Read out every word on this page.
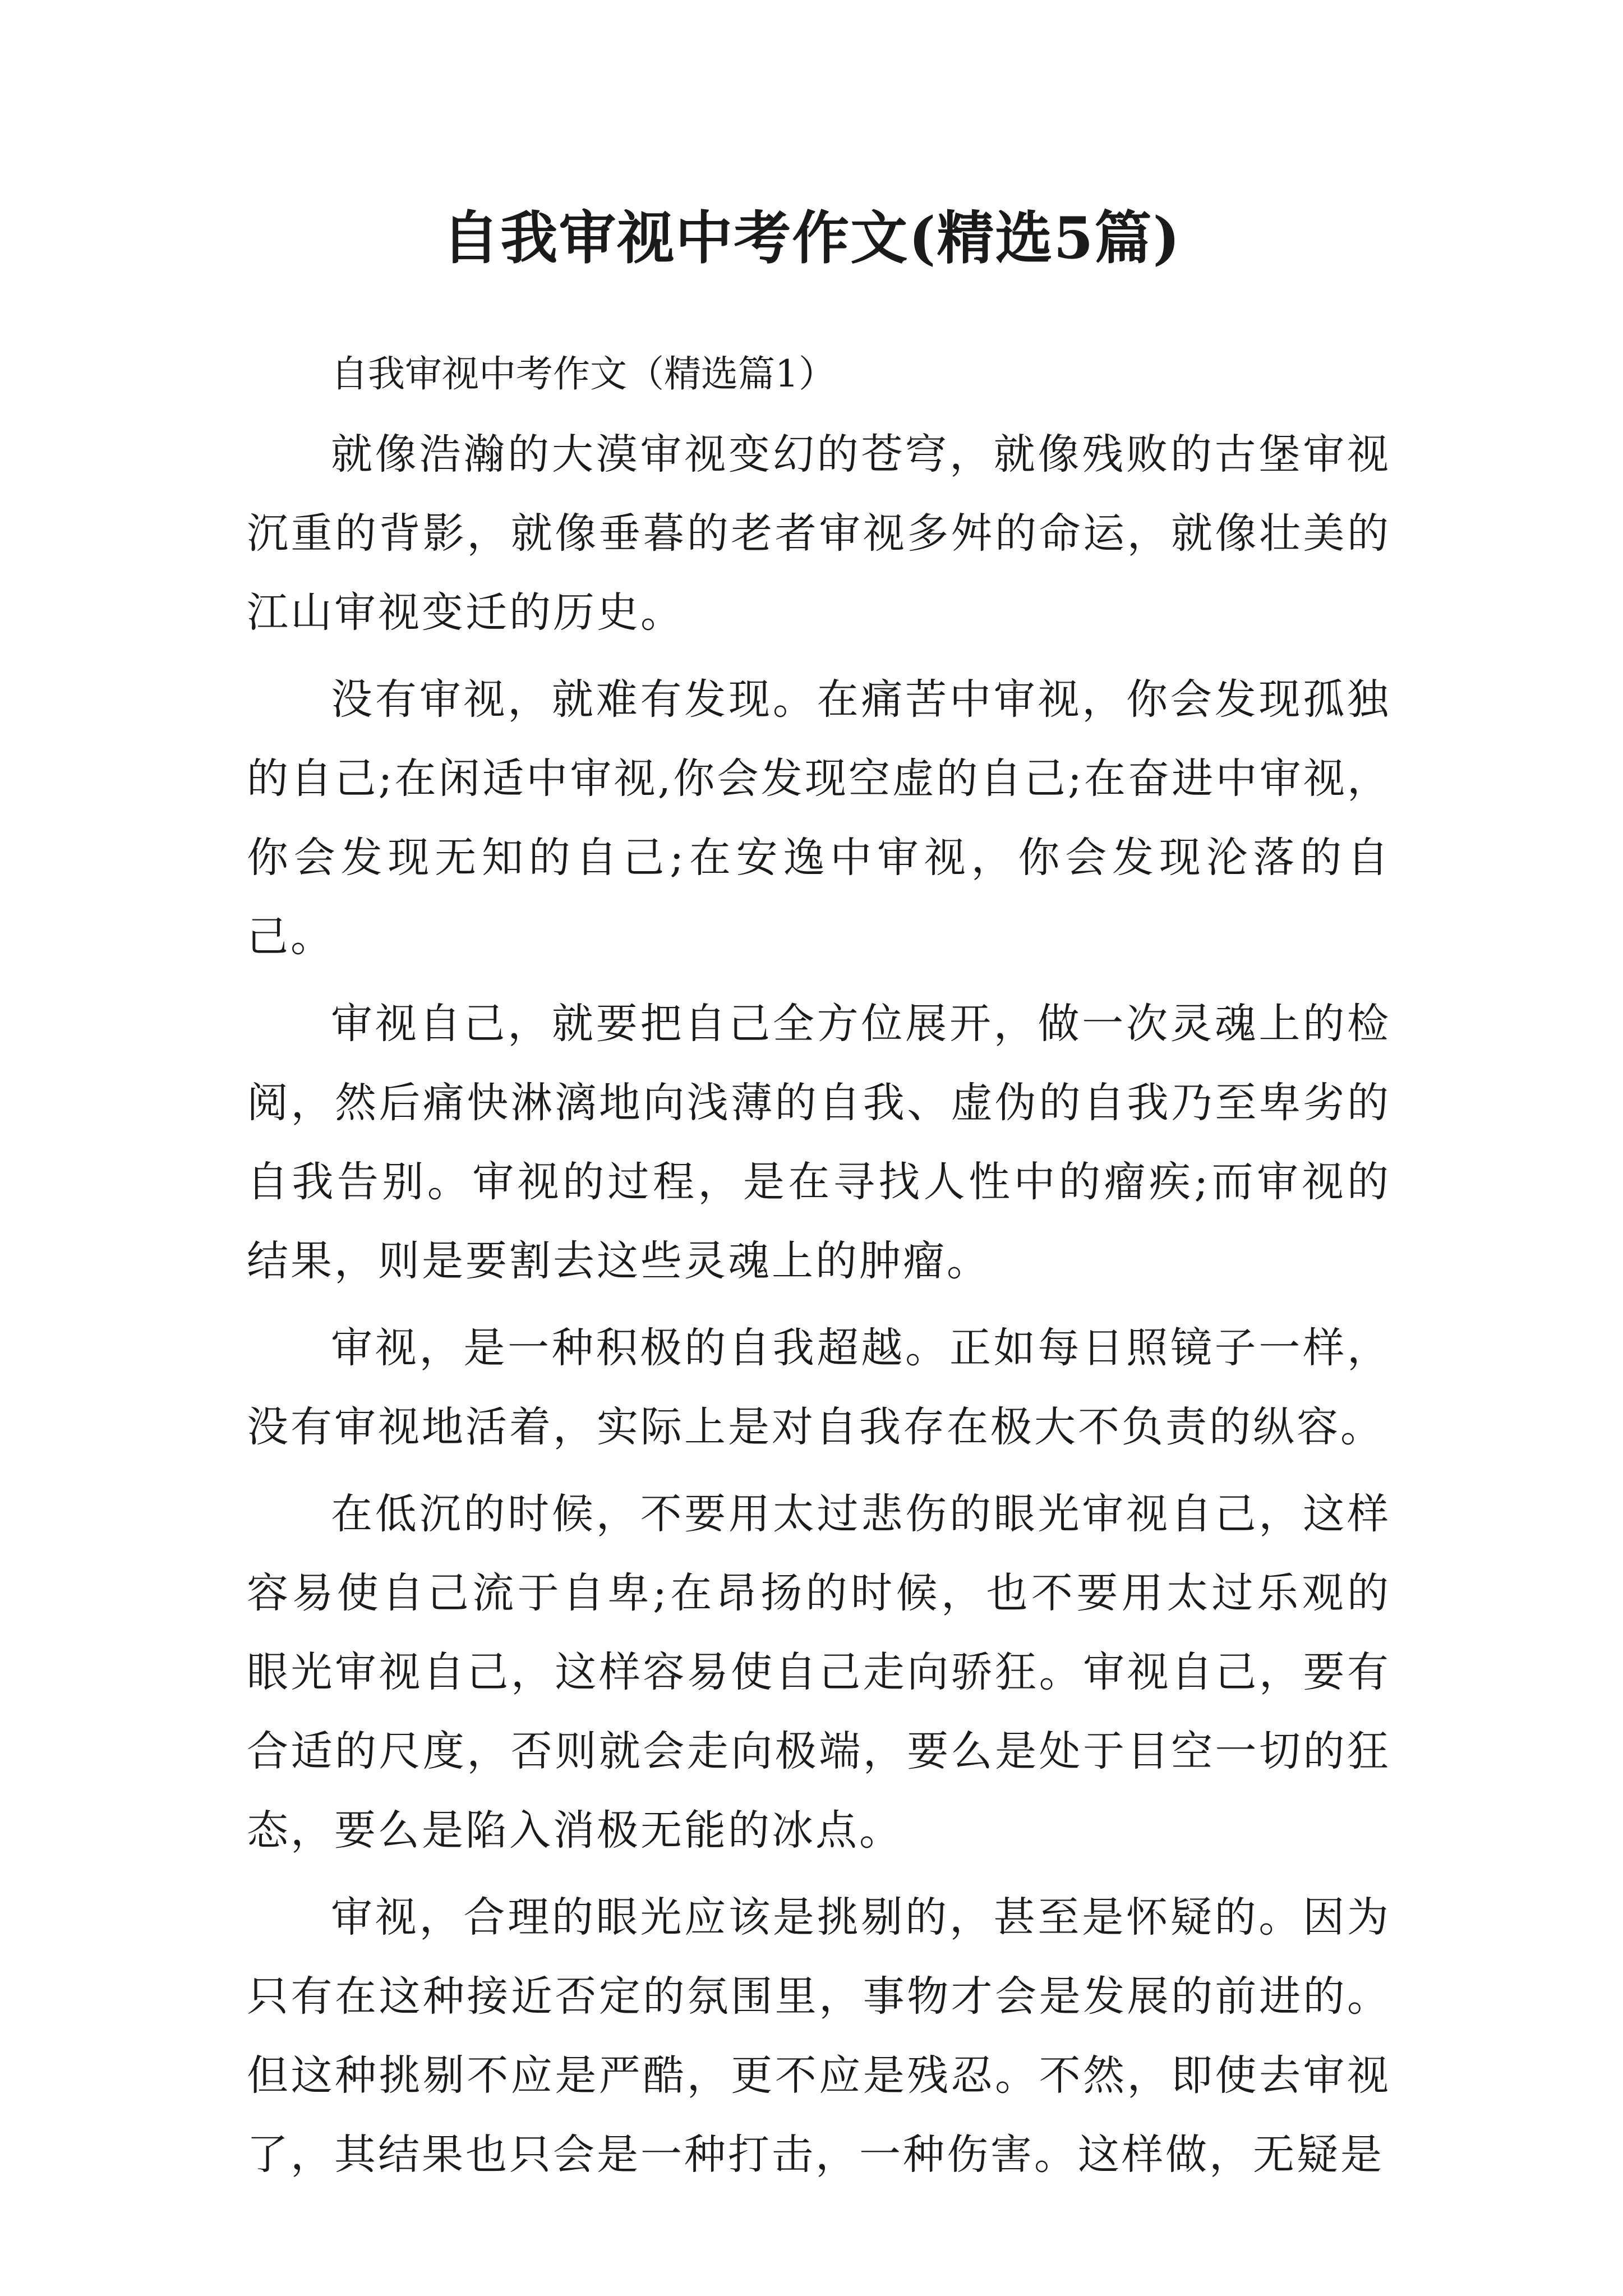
自我审视中考作文(精选5篇)

自我审视中考作文（精选篇1）

就像浩瀚的大漠审视变幻的苍穹，就像残败的古堡审视沉重的背影，就像垂暮的老者审视多舛的命运，就像壮美的江山审视变迁的历史。

没有审视，就难有发现。在痛苦中审视，你会发现孤独的自己;在闲适中审视,你会发现空虚的自己;在奋进中审视，你会发现无知的自己;在安逸中审视，你会发现沦落的自己。

审视自己，就要把自己全方位展开，做一次灵魂上的检阅，然后痛快淋漓地向浅薄的自我、虚伪的自我乃至卑劣的自我告别。审视的过程，是在寻找人性中的瘤疾;而审视的结果，则是要割去这些灵魂上的肿瘤。

审视，是一种积极的自我超越。正如每日照镜子一样，没有审视地活着，实际上是对自我存在极大不负责的纵容。

在低沉的时候，不要用太过悲伤的眼光审视自己，这样容易使自己流于自卑;在昂扬的时候，也不要用太过乐观的眼光审视自己，这样容易使自己走向骄狂。审视自己，要有合适的尺度，否则就会走向极端，要么是处于目空一切的狂态，要么是陷入消极无能的冰点。

审视，合理的眼光应该是挑剔的，甚至是怀疑的。因为只有在这种接近否定的氛围里，事物才会是发展的前进的。但这种挑剔不应是严酷，更不应是残忍。不然，即使去审视了，其结果也只会是一种打击，一种伤害。这样做，无疑是
